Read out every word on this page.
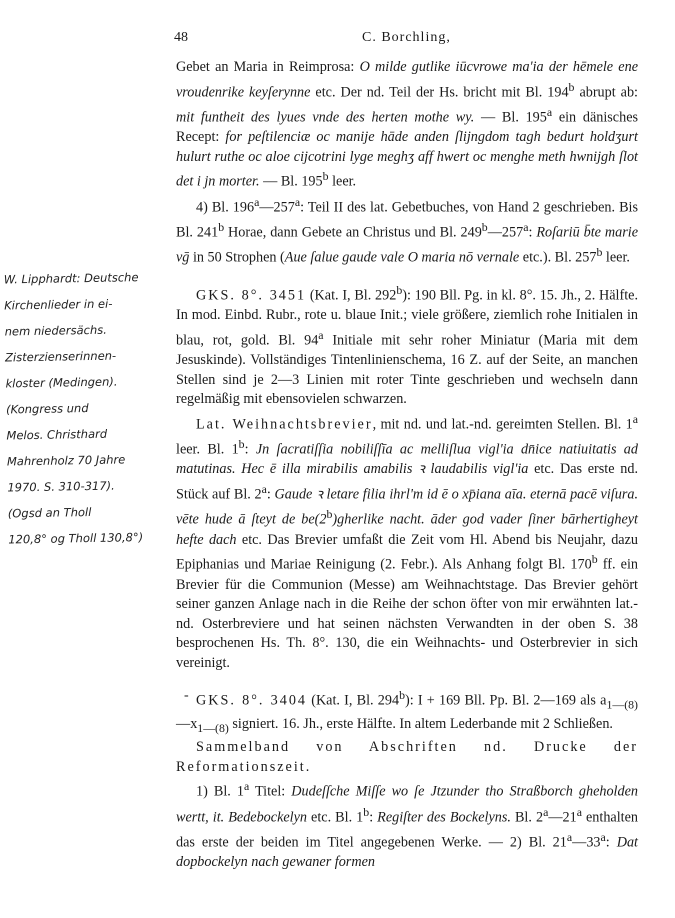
48	C. Borchling,
W. Lipphardt: Deutsche
Kirchenlieder in ei-
nem niedersächs.
Zisterzienserinnen-
kloster (Medingen).
(Kongress und
Melos. Christhard
Mahrenholz 70 Jahre
1970. S. 310-317).
(Ogsd an Tholl
120,8° og Tholl 130,8°)

Gebet an Maria in Reimprosa: O milde gutlike iūcvrowe ma'ia der hēmele ene vroudenrike keyſerynne etc. Der nd. Teil der Hs. bricht mit Bl. 194$^b$ abrupt ab: mit funtheit des lyues vnde des herten mothe wy. — Bl. 195$^a$ ein dänisches Recept: for peſtilenciæ oc manije hāde anden ſlijngdom tagh bedurt holdʒurt hulurt ruthe oc aloe cijcotrini lyge meghʒ aff hwert oc menghe meth hwnijgh ſlot det i jn morter. — Bl. 195$^b$ leer.

4) Bl. 196$^a$—257$^a$: Teil II des lat. Gebetbuches, von Hand 2 geschrieben. Bis Bl. 241$^b$ Horae, dann Gebete an Christus und Bl. 249$^b$—257$^a$: Roſariū b̄te marie vḡ in 50 Strophen (Aue ſalue gaude vale O maria nō vernale etc.). Bl. 257$^b$ leer.

GKS. 8°. 3451 (Kat. I, Bl. 292$^b$): 190 Bll. Pg. in kl. 8°. 15. Jh., 2. Hälfte. In mod. Einbd. Rubr., rote u. blaue Init.; viele größere, ziemlich rohe Initialen in blau, rot, gold. Bl. 94$^a$ Initiale mit sehr roher Miniatur (Maria mit dem Jesuskinde). Vollständiges Tintenlinienschema, 16 Z. auf der Seite, an manchen Stellen sind je 2—3 Linien mit roter Tinte geschrieben und wechseln dann regelmäßig mit ebensovielen schwarzen.

Lat. Weihnachtsbrevier, mit nd. und lat.-nd. gereimten Stellen. Bl. 1$^a$ leer. Bl. 1$^b$: Jn ſacratiſſia nobiliſſīa ac melliſlua vigl'ia dn̄ice natiuitatis ad matutinas. Hec ē illa mirabilis amabilis ꝛ laudabilis vigl'ia etc. Das erste nd. Stück auf Bl. 2$^a$: Gaude ꝛ letare filia ihrl'm id ē o xp̄iana aīa. eternā pacē viſura. vēte hude ā ſteyt de be(2$^b$)gherlike nacht. āder god vader ſiner bārhertigheyt hefte dach etc. Das Brevier umfaßt die Zeit vom Hl. Abend bis Neujahr, dazu Epiphanias und Mariae Reinigung (2. Febr.). Als Anhang folgt Bl. 170$^b$ ff. ein Brevier für die Communion (Messe) am Weihnachtstage. Das Brevier gehört seiner ganzen Anlage nach in die Reihe der schon öfter von mir erwähnten lat.-nd. Osterbreviere und hat seinen nächsten Verwandten in der oben S. 38 besprochenen Hs. Th. 8°. 130, die ein Weihnachts- und Osterbrevier in sich vereinigt.

- GKS. 8°. 3404 (Kat. I, Bl. 294$^b$): I + 169 Bll. Pp. Bl. 2—169 als $a_{1—(8)}—x_{1—(8)}$ signiert. 16. Jh., erste Hälfte. In altem Lederbande mit 2 Schließen.

Sammelband von Abschriften nd. Drucke der Reformationszeit.

1) Bl. 1$^a$ Titel: Dudeſſche Miſſe wo ſe Jtzunder tho Straßborch gheholden wertt, it. Bedebockelyn etc. Bl. 1$^b$: Regiſter des Bockelyns. Bl. 2$^a$—21$^a$ enthalten das erste der beiden im Titel angegebenen Werke. — 2) Bl. 21$^a$—33$^a$: Dat dopbockelyn nach gewaner formen
